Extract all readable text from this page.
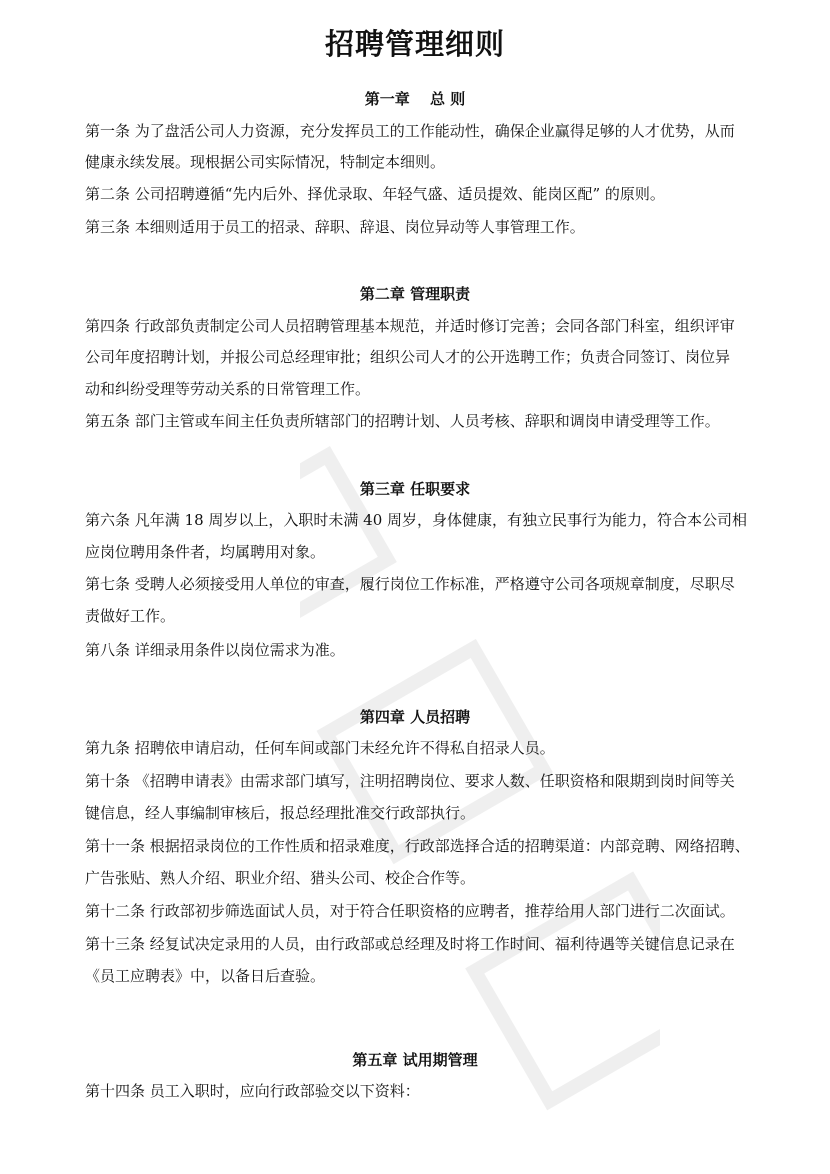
招聘管理细则
第一章　 总 则
第一条 为了盘活公司人力资源，充分发挥员工的工作能动性，确保企业赢得足够的人才优势，从而
健康永续发展。现根据公司实际情况，特制定本细则。
第二条 公司招聘遵循“先内后外、择优录取、年轻气盛、适员提效、能岗区配” 的原则。
第三条 本细则适用于员工的招录、辞职、辞退、岗位异动等人事管理工作。
第二章 管理职责
第四条 行政部负责制定公司人员招聘管理基本规范，并适时修订完善；会同各部门科室，组织评审
公司年度招聘计划，并报公司总经理审批；组织公司人才的公开选聘工作；负责合同签订、岗位异
动和纠纷受理等劳动关系的日常管理工作。
第五条 部门主管或车间主任负责所辖部门的招聘计划、人员考核、辞职和调岗申请受理等工作。
第三章 任职要求
第六条 凡年满 18 周岁以上，入职时未满 40 周岁，身体健康，有独立民事行为能力，符合本公司相
应岗位聘用条件者，均属聘用对象。
第七条 受聘人必须接受用人单位的审查，履行岗位工作标准，严格遵守公司各项规章制度，尽职尽
责做好工作。
第八条 详细录用条件以岗位需求为准。
第四章 人员招聘
第九条 招聘依申请启动，任何车间或部门未经允许不得私自招录人员。
第十条 《招聘申请表》由需求部门填写，注明招聘岗位、要求人数、任职资格和限期到岗时间等关
键信息，经人事编制审核后，报总经理批准交行政部执行。
第十一条 根据招录岗位的工作性质和招录难度，行政部选择合适的招聘渠道：内部竞聘、网络招聘、
广告张贴、熟人介绍、职业介绍、猎头公司、校企合作等。
第十二条 行政部初步筛选面试人员，对于符合任职资格的应聘者，推荐给用人部门进行二次面试。
第十三条 经复试决定录用的人员，由行政部或总经理及时将工作时间、福利待遇等关键信息记录在
《员工应聘表》中，以备日后查验。
第五章 试用期管理
第十四条 员工入职时，应向行政部验交以下资料：
